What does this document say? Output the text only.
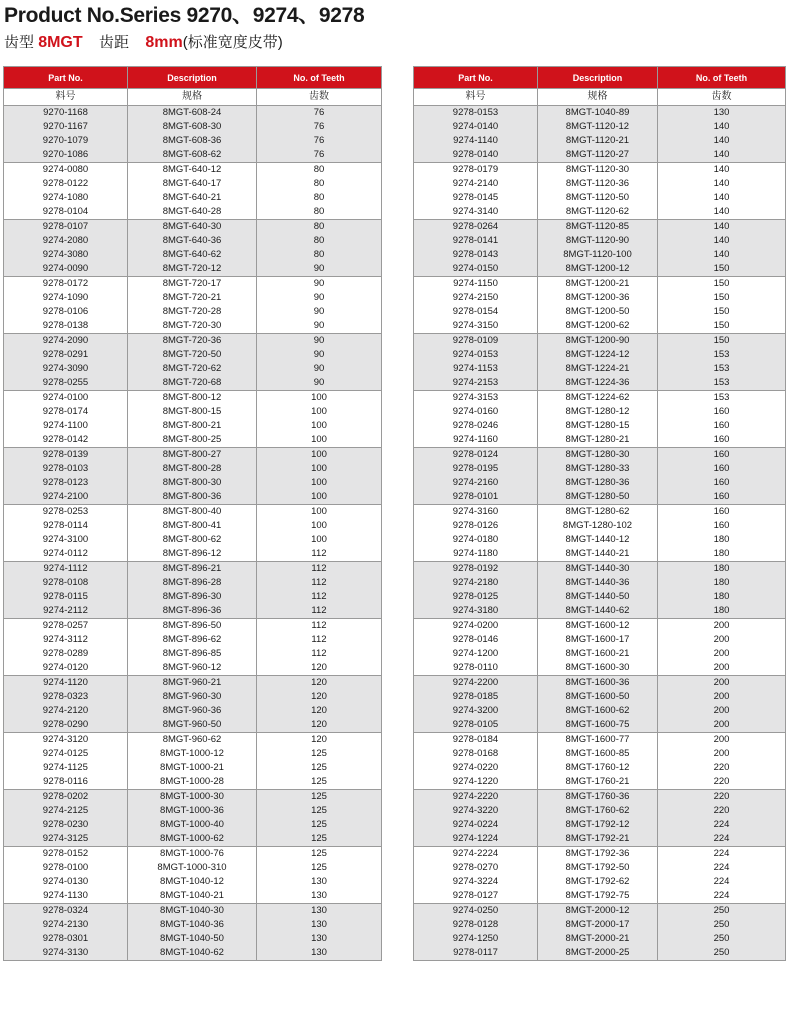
Product No.Series 9270、9274、9278
齿型 8MGT 齿距 8mm(标准宽度皮带)
Part No.	Description	No. of Teeth
料号	规格	齿数
9270-1168	8MGT-608-24	76
9270-1167	8MGT-608-30	76
9270-1079	8MGT-608-36	76
9270-1086	8MGT-608-62	76
9274-0080	8MGT-640-12	80
9278-0122	8MGT-640-17	80
9274-1080	8MGT-640-21	80
9278-0104	8MGT-640-28	80
9278-0107	8MGT-640-30	80
9274-2080	8MGT-640-36	80
9274-3080	8MGT-640-62	80
9274-0090	8MGT-720-12	90
9278-0172	8MGT-720-17	90
9274-1090	8MGT-720-21	90
9278-0106	8MGT-720-28	90
9278-0138	8MGT-720-30	90
9274-2090	8MGT-720-36	90
9278-0291	8MGT-720-50	90
9274-3090	8MGT-720-62	90
9278-0255	8MGT-720-68	90
9274-0100	8MGT-800-12	100
9278-0174	8MGT-800-15	100
9274-1100	8MGT-800-21	100
9278-0142	8MGT-800-25	100
9278-0139	8MGT-800-27	100
9278-0103	8MGT-800-28	100
9278-0123	8MGT-800-30	100
9274-2100	8MGT-800-36	100
9278-0253	8MGT-800-40	100
9278-0114	8MGT-800-41	100
9274-3100	8MGT-800-62	100
9274-0112	8MGT-896-12	112
9274-1112	8MGT-896-21	112
9278-0108	8MGT-896-28	112
9278-0115	8MGT-896-30	112
9274-2112	8MGT-896-36	112
9278-0257	8MGT-896-50	112
9274-3112	8MGT-896-62	112
9278-0289	8MGT-896-85	112
9274-0120	8MGT-960-12	120
9274-1120	8MGT-960-21	120
9278-0323	8MGT-960-30	120
9274-2120	8MGT-960-36	120
9278-0290	8MGT-960-50	120
9274-3120	8MGT-960-62	120
9274-0125	8MGT-1000-12	125
9274-1125	8MGT-1000-21	125
9278-0116	8MGT-1000-28	125
9278-0202	8MGT-1000-30	125
9274-2125	8MGT-1000-36	125
9278-0230	8MGT-1000-40	125
9274-3125	8MGT-1000-62	125
9278-0152	8MGT-1000-76	125
9278-0100	8MGT-1000-310	125
9274-0130	8MGT-1040-12	130
9274-1130	8MGT-1040-21	130
9278-0324	8MGT-1040-30	130
9274-2130	8MGT-1040-36	130
9278-0301	8MGT-1040-50	130
9274-3130	8MGT-1040-62	130
Part No.	Description	No. of Teeth
料号	规格	齿数
9278-0153	8MGT-1040-89	130
9274-0140	8MGT-1120-12	140
9274-1140	8MGT-1120-21	140
9278-0140	8MGT-1120-27	140
9278-0179	8MGT-1120-30	140
9274-2140	8MGT-1120-36	140
9278-0145	8MGT-1120-50	140
9274-3140	8MGT-1120-62	140
9278-0264	8MGT-1120-85	140
9278-0141	8MGT-1120-90	140
9278-0143	8MGT-1120-100	140
9274-0150	8MGT-1200-12	150
9274-1150	8MGT-1200-21	150
9274-2150	8MGT-1200-36	150
9278-0154	8MGT-1200-50	150
9274-3150	8MGT-1200-62	150
9278-0109	8MGT-1200-90	150
9274-0153	8MGT-1224-12	153
9274-1153	8MGT-1224-21	153
9274-2153	8MGT-1224-36	153
9274-3153	8MGT-1224-62	153
9274-0160	8MGT-1280-12	160
9278-0246	8MGT-1280-15	160
9274-1160	8MGT-1280-21	160
9278-0124	8MGT-1280-30	160
9278-0195	8MGT-1280-33	160
9274-2160	8MGT-1280-36	160
9278-0101	8MGT-1280-50	160
9274-3160	8MGT-1280-62	160
9278-0126	8MGT-1280-102	160
9274-0180	8MGT-1440-12	180
9274-1180	8MGT-1440-21	180
9278-0192	8MGT-1440-30	180
9274-2180	8MGT-1440-36	180
9278-0125	8MGT-1440-50	180
9274-3180	8MGT-1440-62	180
9274-0200	8MGT-1600-12	200
9278-0146	8MGT-1600-17	200
9274-1200	8MGT-1600-21	200
9278-0110	8MGT-1600-30	200
9274-2200	8MGT-1600-36	200
9278-0185	8MGT-1600-50	200
9274-3200	8MGT-1600-62	200
9278-0105	8MGT-1600-75	200
9278-0184	8MGT-1600-77	200
9278-0168	8MGT-1600-85	200
9274-0220	8MGT-1760-12	220
9274-1220	8MGT-1760-21	220
9274-2220	8MGT-1760-36	220
9274-3220	8MGT-1760-62	220
9274-0224	8MGT-1792-12	224
9274-1224	8MGT-1792-21	224
9274-2224	8MGT-1792-36	224
9278-0270	8MGT-1792-50	224
9274-3224	8MGT-1792-62	224
9278-0127	8MGT-1792-75	224
9274-0250	8MGT-2000-12	250
9278-0128	8MGT-2000-17	250
9274-1250	8MGT-2000-21	250
9278-0117	8MGT-2000-25	250
